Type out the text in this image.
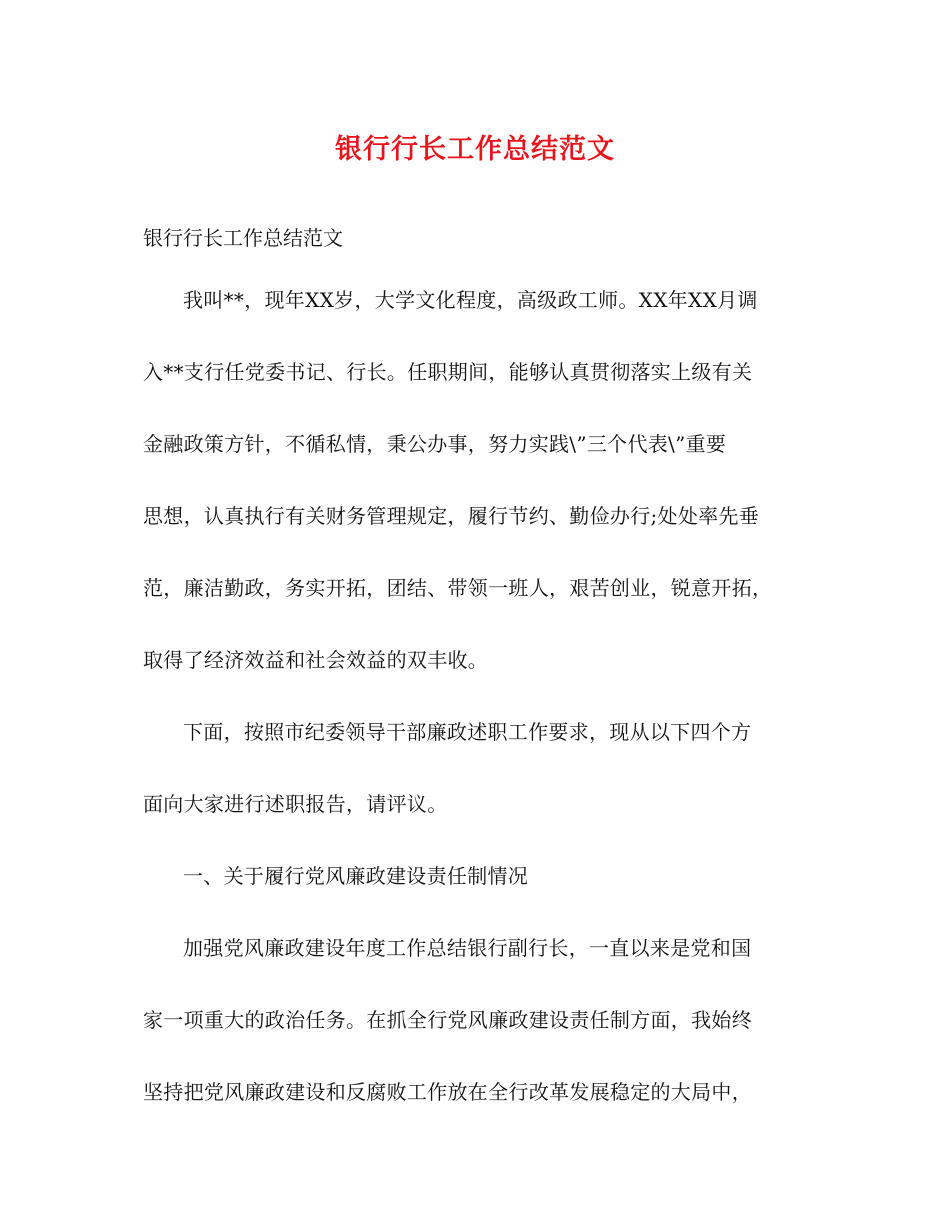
银行行长工作总结范文
银行行长工作总结范文
我叫**，现年XX岁，大学文化程度，高级政工师。XX年XX月调
入**支行任党委书记、行长。任职期间，能够认真贯彻落实上级有关
金融政策方针，不循私情，秉公办事，努力实践\”三个代表\”重要
思想，认真执行有关财务管理规定，履行节约、勤俭办行;处处率先垂
范，廉洁勤政，务实开拓，团结、带领一班人，艰苦创业，锐意开拓，
取得了经济效益和社会效益的双丰收。
下面，按照市纪委领导干部廉政述职工作要求，现从以下四个方
面向大家进行述职报告，请评议。
一、关于履行党风廉政建设责任制情况
加强党风廉政建设年度工作总结银行副行长，一直以来是党和国
家一项重大的政治任务。在抓全行党风廉政建设责任制方面，我始终
坚持把党风廉政建设和反腐败工作放在全行改革发展稳定的大局中，
